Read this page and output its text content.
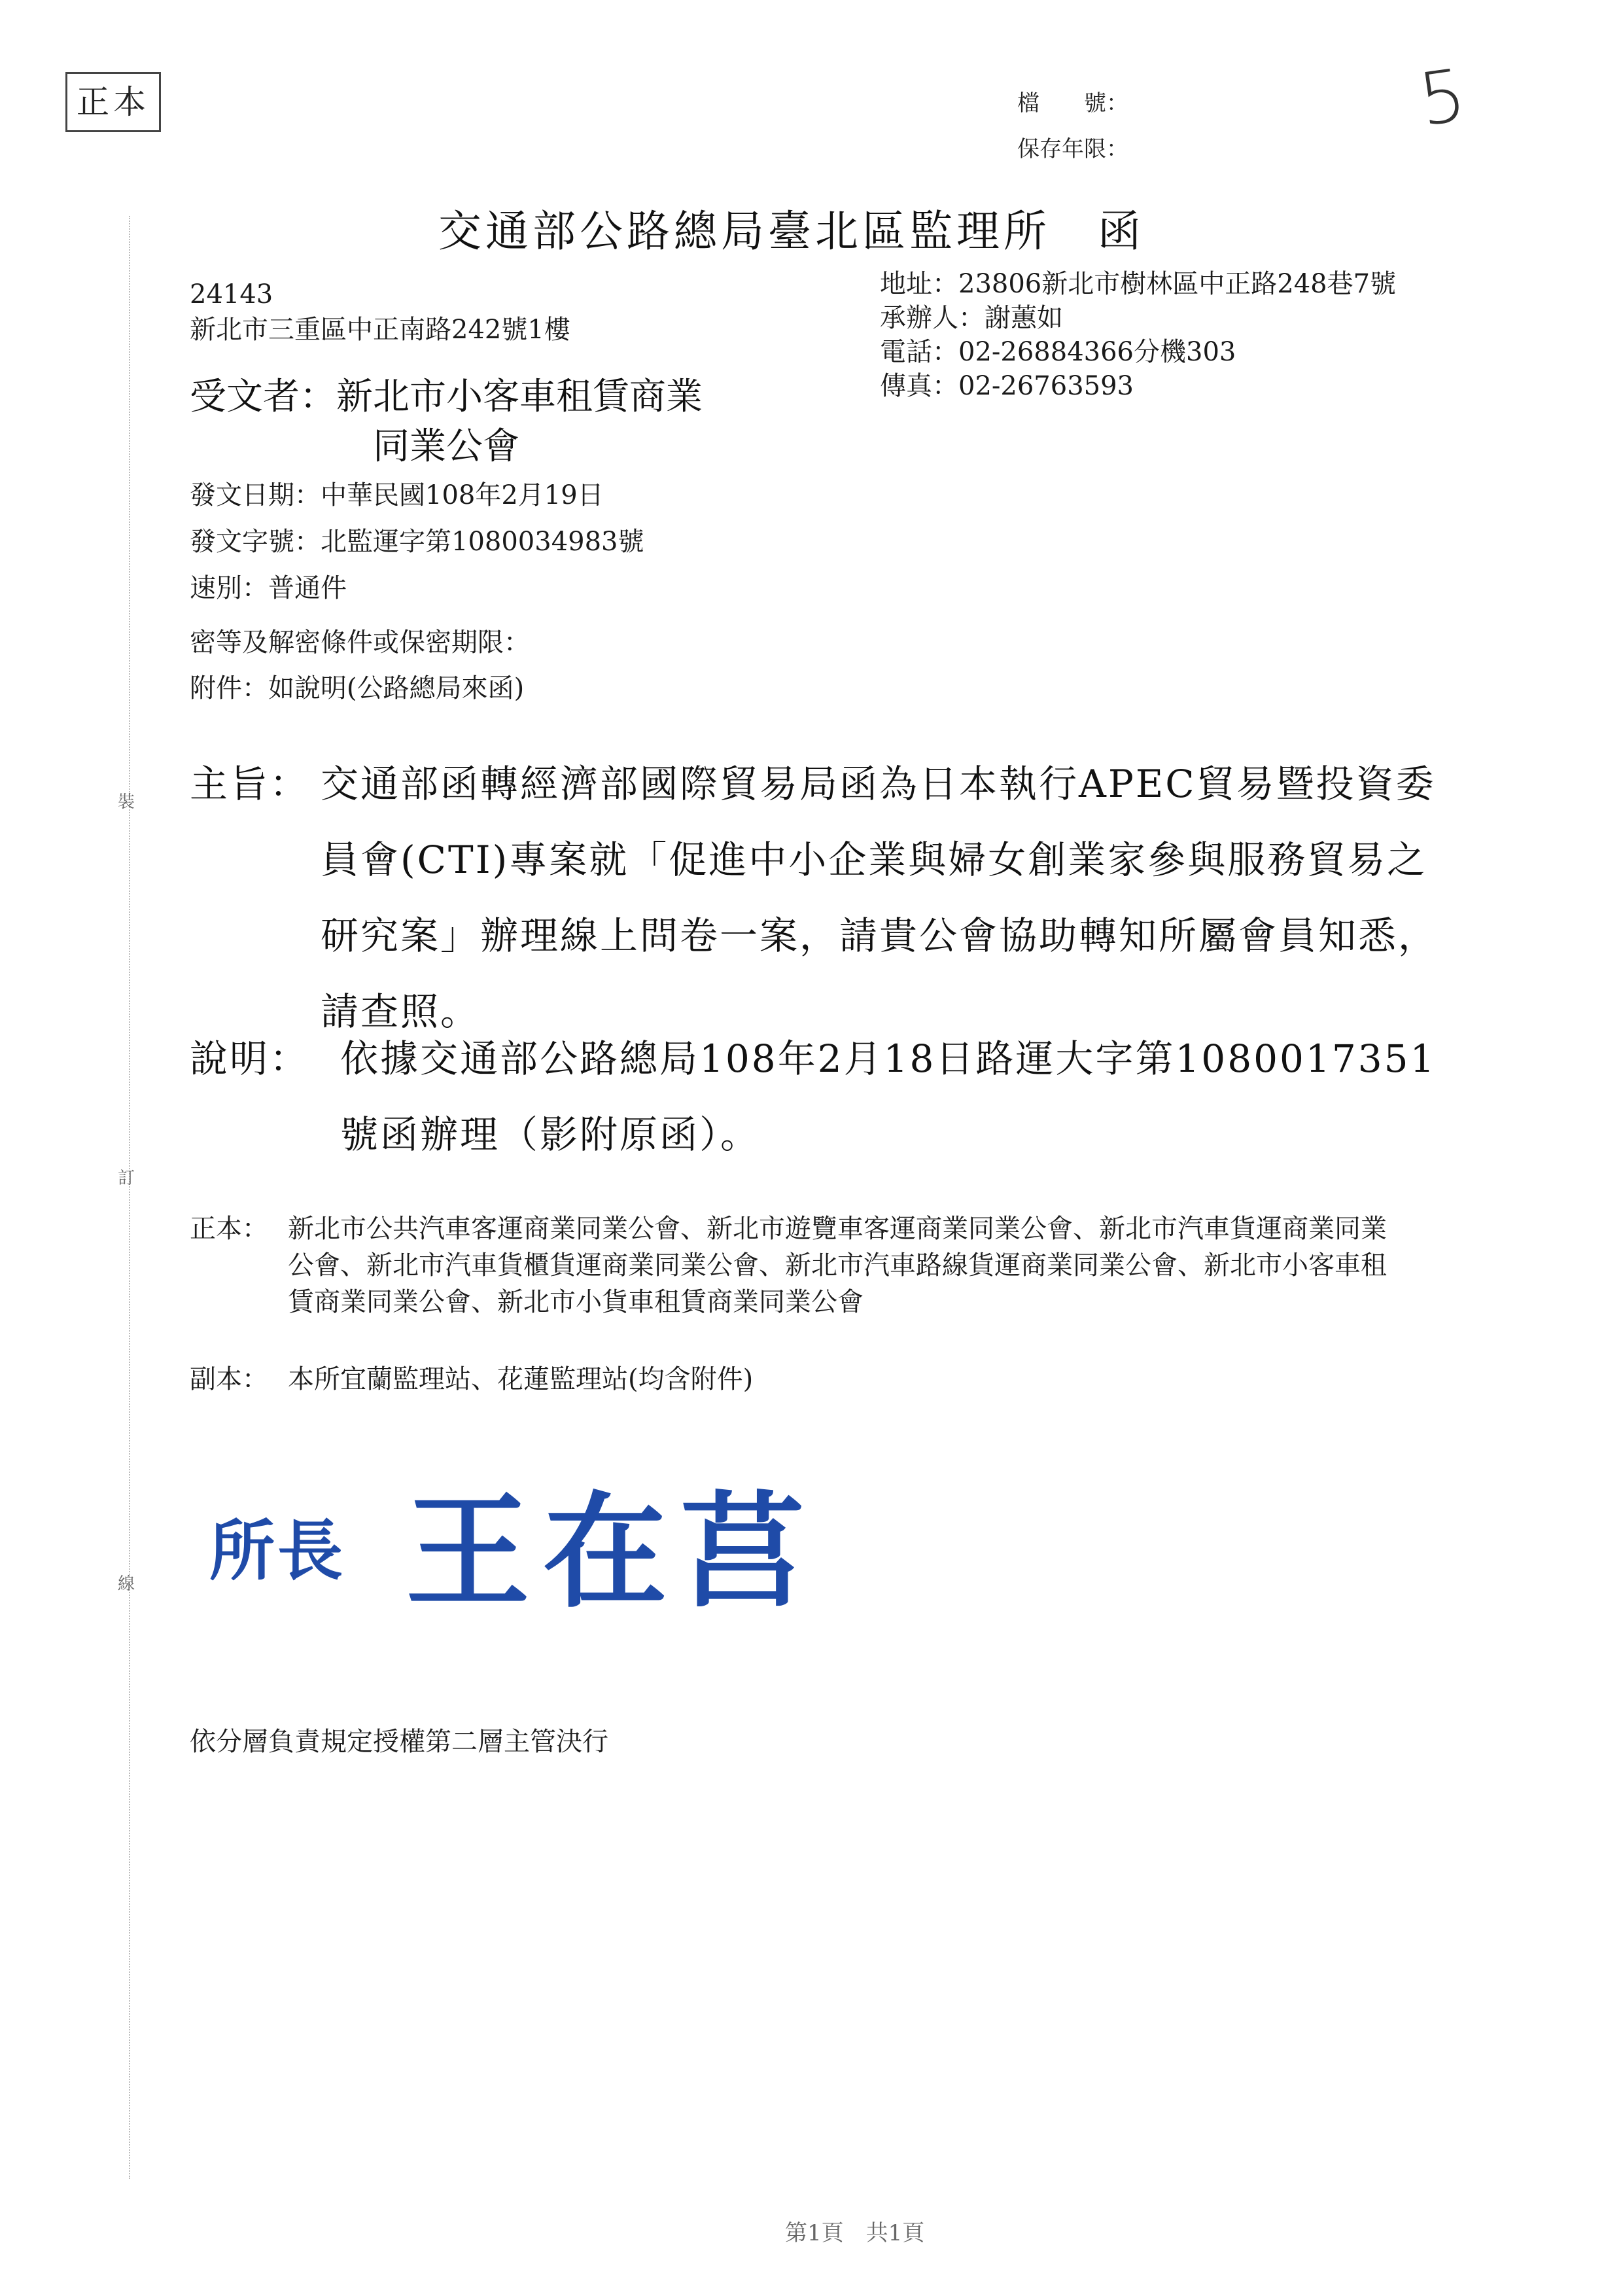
裝
訂
線
正本	檔　　號：
保存年限：
5
交通部公路總局臺北區監理所　函
24143
新北市三重區中正南路242號1樓
地址：23806新北市樹林區中正路248巷7號
承辦人：謝蕙如
電話：02-26884366分機303
傳真：02-26763593
受文者：新北市小客車租賃商業
同業公會
發文日期：中華民國108年2月19日
發文字號：北監運字第1080034983號
速別：普通件
密等及解密條件或保密期限：
附件：如說明(公路總局來函)
主旨： 交通部函轉經濟部國際貿易局函為日本執行APEC貿易暨投資委員會(CTI)專案就「促進中小企業與婦女創業家參與服務貿易之研究案」辦理線上問卷一案，請貴公會協助轉知所屬會員知悉，請查照。
說明： 依據交通部公路總局108年2月18日路運大字第1080017351號函辦理（影附原函）。
正本： 新北市公共汽車客運商業同業公會、新北市遊覽車客運商業同業公會、新北市汽車貨運商業同業公會、新北市汽車貨櫃貨運商業同業公會、新北市汽車路線貨運商業同業公會、新北市小客車租賃商業同業公會、新北市小貨車租賃商業同業公會
副本： 本所宜蘭監理站、花蓮監理站(均含附件)
所長 王在莒
依分層負責規定授權第二層主管決行
第1頁　共1頁
